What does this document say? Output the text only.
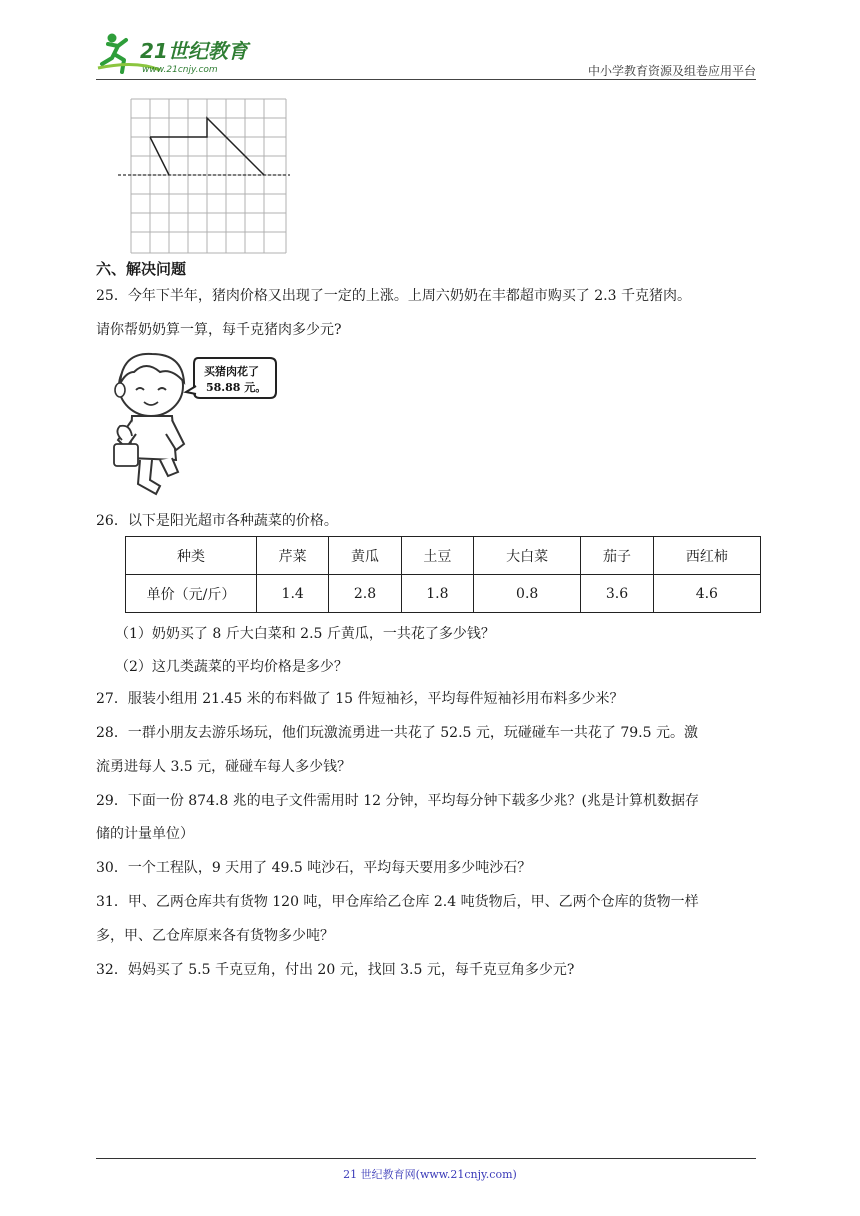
21世纪教育
www.21cnjy.com	中小学教育资源及组卷应用平台
六、解决问题
25．今年下半年，猪肉价格又出现了一定的上涨。上周六奶奶在丰都超市购买了 2.3 千克猪肉。
请你帮奶奶算一算，每千克猪肉多少元?
买猪肉花了
58.88 元。
26．以下是阳光超市各种蔬菜的价格。
种类	芹菜	黄瓜	土豆	大白菜	茄子	西红柿
单价（元/斤）	1.4	2.8	1.8	0.8	3.6	4.6
（1）奶奶买了 8 斤大白菜和 2.5 斤黄瓜，一共花了多少钱？
（2）这几类蔬菜的平均价格是多少？
27．服装小组用 21.45 米的布料做了 15 件短袖衫，平均每件短袖衫用布料多少米？
28．一群小朋友去游乐场玩，他们玩激流勇进一共花了 52.5 元，玩碰碰车一共花了 79.5 元。激
流勇进每人 3.5 元，碰碰车每人多少钱？
29．下面一份 874.8 兆的电子文件需用时 12 分钟，平均每分钟下载多少兆？(兆是计算机数据存
储的计量单位）
30．一个工程队，9 天用了 49.5 吨沙石，平均每天要用多少吨沙石？
31．甲、乙两仓库共有货物 120 吨，甲仓库给乙仓库 2.4 吨货物后，甲、乙两个仓库的货物一样
多，甲、乙仓库原来各有货物多少吨？
32．妈妈买了 5.5 千克豆角，付出 20 元，找回 3.5 元，每千克豆角多少元?
21 世纪教育网(www.21cnjy.com)
